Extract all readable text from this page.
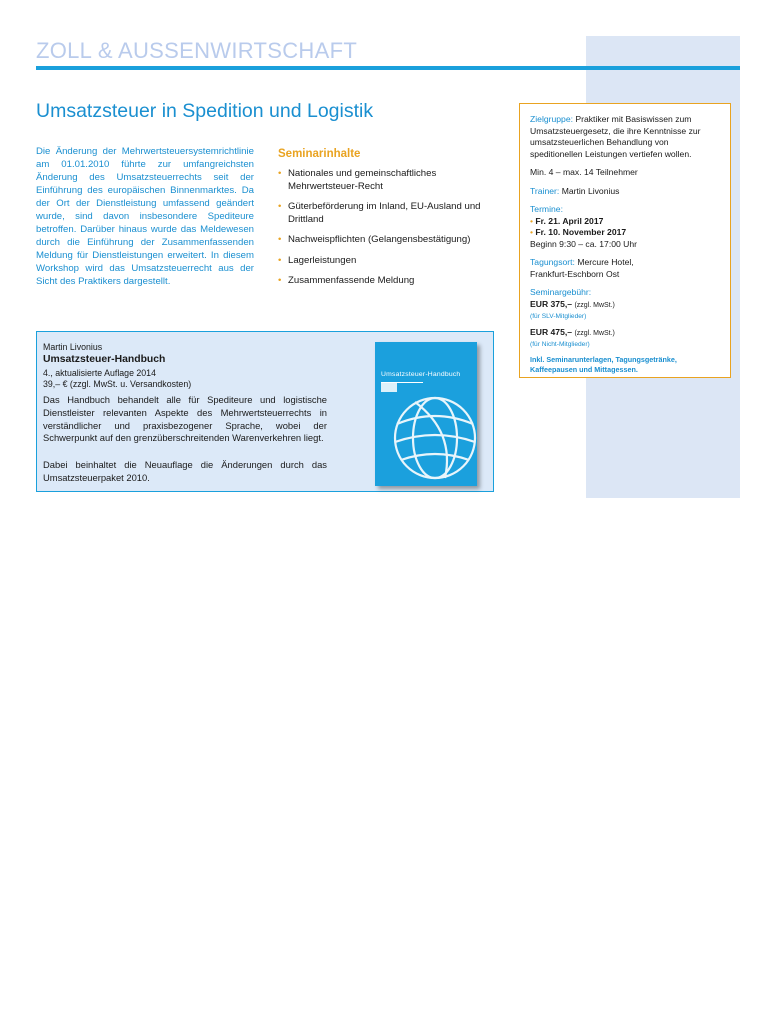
ZOLL & AUSSENWIRTSCHAFT
Umsatzsteuer in Spedition und Logistik

Die Änderung der Mehrwertsteuersystemrichtlinie am 01.01.2010 führte zur umfangreichsten Änderung des Umsatzsteuerrechts seit der Einführung des europäischen Binnenmarktes. Da der Ort der Dienstleistung umfassend geändert wurde, sind davon insbesondere Spediteure betroffen. Darüber hinaus wurde das Meldewesen durch die Einführung der Zusammenfassenden Meldung für Dienstleistungen erweitert. In diesem Workshop wird das Umsatzsteuerrecht aus der Sicht des Praktikers dargestellt.

Seminarinhalte
• Nationales und gemeinschaftliches Mehrwertsteuer-Recht
• Güterbeförderung im Inland, EU-Ausland und Drittland
• Nachweispflichten (Gelangensbestätigung)
• Lagerleistungen
• Zusammenfassende Meldung
Zielgruppe: Praktiker mit Basiswissen zum Umsatzsteuergesetz, die ihre Kenntnisse zur umsatzsteuerlichen Behandlung von speditionellen Leistungen vertiefen wollen.
Min. 4 – max. 14 Teilnehmer
Trainer: Martin Livonius
Termine:
• Fr. 21. April 2017
• Fr. 10. November 2017
Beginn 9:30 – ca. 17:00 Uhr
Tagungsort: Mercure Hotel,
Frankfurt-Eschborn Ost
Seminargebühr:
EUR 375,– (zzgl. MwSt.)
(für SLV-Mitglieder)
EUR 475,– (zzgl. MwSt.)
(für Nicht-Mitglieder)
Inkl. Seminarunterlagen, Tagungsgetränke, Kaffeepausen und Mittagessen.
Martin Livonius
Umsatzsteuer-Handbuch
4., aktualisierte Auflage 2014
39,– € (zzgl. MwSt. u. Versandkosten)

Das Handbuch behandelt alle für Spediteure und logistische Dienstleister relevanten Aspekte des Mehrwertsteuerrechts in verständlicher und praxisbezogener Sprache, wobei der Schwerpunkt auf den grenzüberschreitenden Warenverkehren liegt.

Dabei beinhaltet die Neuauflage die Änderungen durch das Umsatzsteuerpaket 2010.

Umsatzsteuer-Handbuch
